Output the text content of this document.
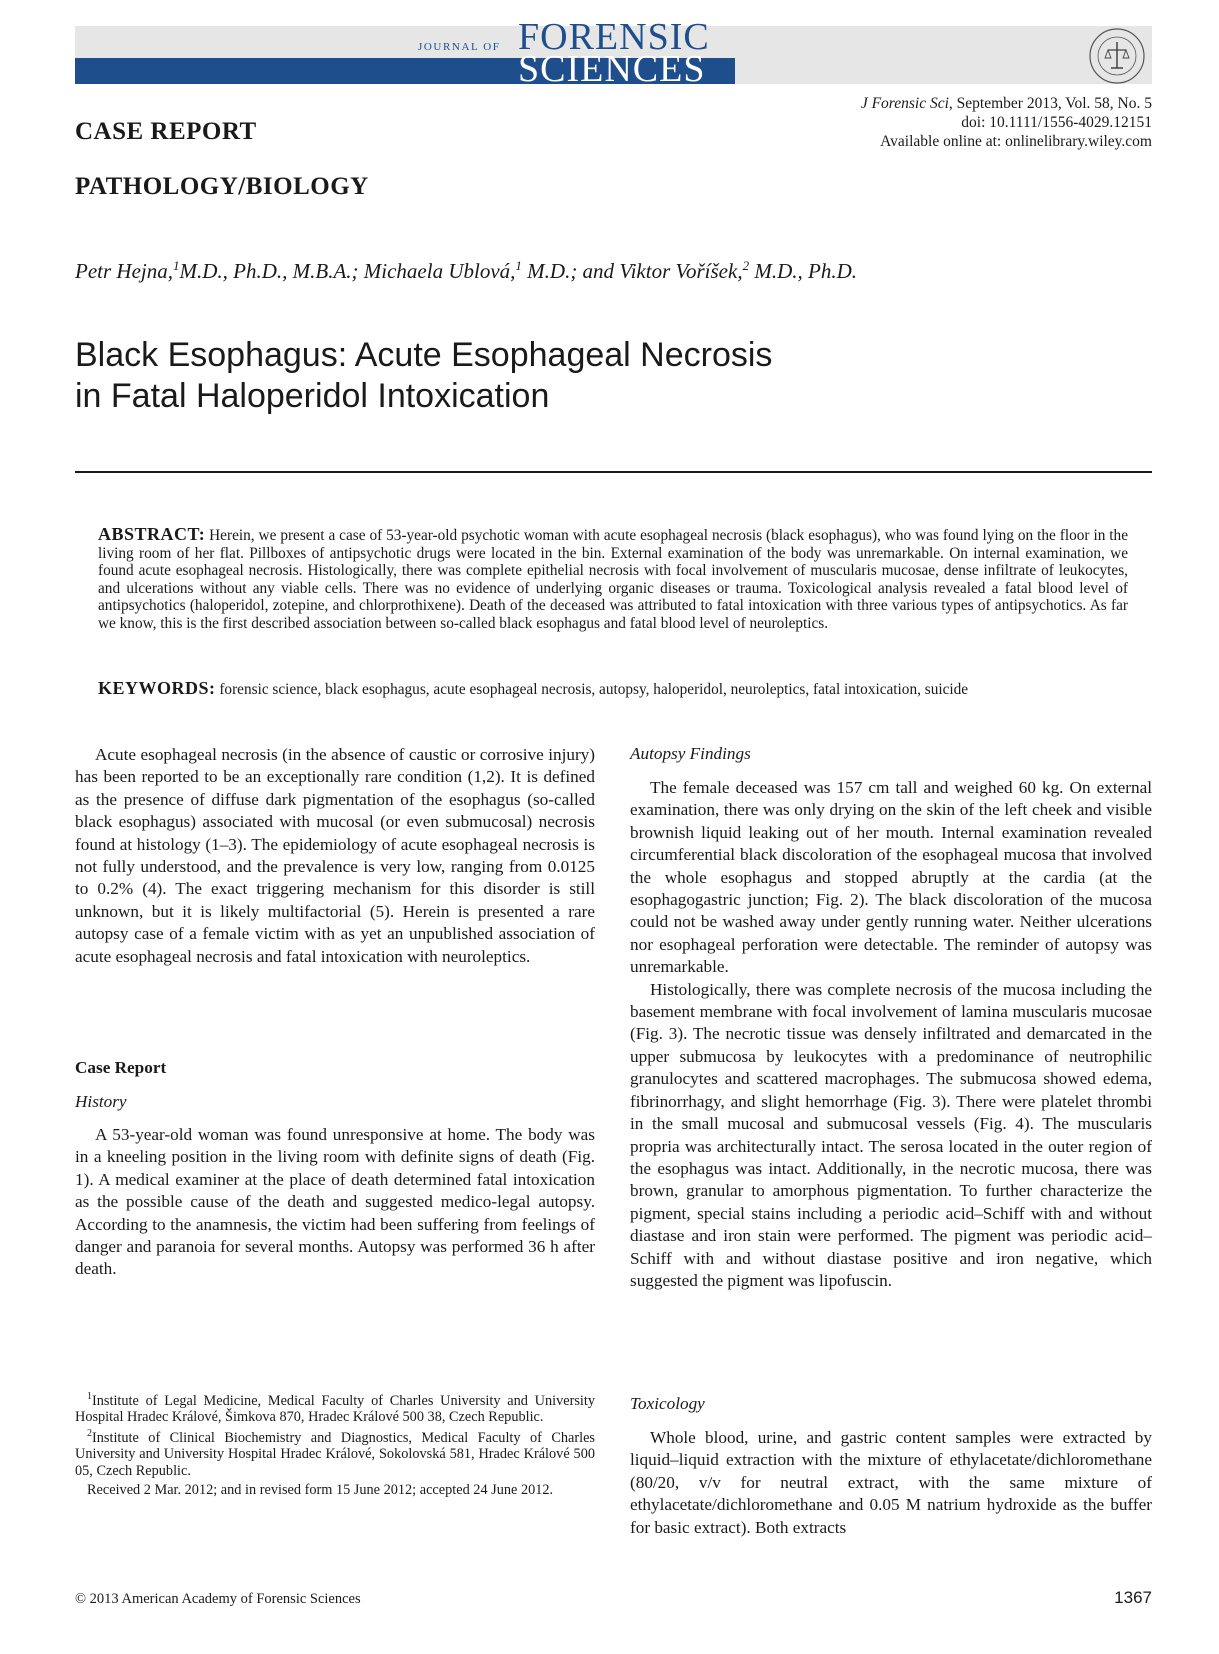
JOURNAL OF FORENSIC
SCIENCES
J Forensic Sci, September 2013, Vol. 58, No. 5
doi: 10.1111/1556-4029.12151
Available online at: onlinelibrary.wiley.com
CASE REPORT
PATHOLOGY/BIOLOGY
Petr Hejna,$^1$M.D., Ph.D., M.B.A.; Michaela Ublová,$^1$ M.D.; and Viktor Voříšek,$^2$ M.D., Ph.D.
Black Esophagus: Acute Esophageal Necrosis
in Fatal Haloperidol Intoxication
ABSTRACT: Herein, we present a case of 53-year-old psychotic woman with acute esophageal necrosis (black esophagus), who was found lying on the floor in the living room of her flat. Pillboxes of antipsychotic drugs were located in the bin. External examination of the body was unremarkable. On internal examination, we found acute esophageal necrosis. Histologically, there was complete epithelial necrosis with focal involvement of muscularis mucosae, dense infiltrate of leukocytes, and ulcerations without any viable cells. There was no evidence of underlying organic diseases or trauma. Toxicological analysis revealed a fatal blood level of antipsychotics (haloperidol, zotepine, and chlorprothixene). Death of the deceased was attributed to fatal intoxication with three various types of antipsychotics. As far we know, this is the first described association between so-called black esophagus and fatal blood level of neuroleptics.
KEYWORDS: forensic science, black esophagus, acute esophageal necrosis, autopsy, haloperidol, neuroleptics, fatal intoxication, suicide

Acute esophageal necrosis (in the absence of caustic or corrosive injury) has been reported to be an exceptionally rare condition (1,2). It is defined as the presence of diffuse dark pigmentation of the esophagus (so-called black esophagus) associated with mucosal (or even submucosal) necrosis found at histology (1–3). The epidemiology of acute esophageal necrosis is not fully understood, and the prevalence is very low, ranging from 0.0125 to 0.2% (4). The exact triggering mechanism for this disorder is still unknown, but it is likely multifactorial (5). Herein is presented a rare autopsy case of a female victim with as yet an unpublished association of acute esophageal necrosis and fatal intoxication with neuroleptics.

Case Report
History

A 53-year-old woman was found unresponsive at home. The body was in a kneeling position in the living room with definite signs of death (Fig. 1). A medical examiner at the place of death determined fatal intoxication as the possible cause of the death and suggested medico-legal autopsy. According to the anamnesis, the victim had been suffering from feelings of danger and paranoia for several months. Autopsy was performed 36 h after death.

$^1$Institute of Legal Medicine, Medical Faculty of Charles University and University Hospital Hradec Králové, Šimkova 870, Hradec Králové 500 38, Czech Republic.

$^2$Institute of Clinical Biochemistry and Diagnostics, Medical Faculty of Charles University and University Hospital Hradec Králové, Sokolovská 581, Hradec Králové 500 05, Czech Republic.

Received 2 Mar. 2012; and in revised form 15 June 2012; accepted 24 June 2012.

Autopsy Findings

The female deceased was 157 cm tall and weighed 60 kg. On external examination, there was only drying on the skin of the left cheek and visible brownish liquid leaking out of her mouth. Internal examination revealed circumferential black discoloration of the esophageal mucosa that involved the whole esophagus and stopped abruptly at the cardia (at the esophagogastric junction; Fig. 2). The black discoloration of the mucosa could not be washed away under gently running water. Neither ulcerations nor esophageal perforation were detectable. The reminder of autopsy was unremarkable.

Histologically, there was complete necrosis of the mucosa including the basement membrane with focal involvement of lamina muscularis mucosae (Fig. 3). The necrotic tissue was densely infiltrated and demarcated in the upper submucosa by leukocytes with a predominance of neutrophilic granulocytes and scattered macrophages. The submucosa showed edema, fibrinorrhagy, and slight hemorrhage (Fig. 3). There were platelet thrombi in the small mucosal and submucosal vessels (Fig. 4). The muscularis propria was architecturally intact. The serosa located in the outer region of the esophagus was intact. Additionally, in the necrotic mucosa, there was brown, granular to amorphous pigmentation. To further characterize the pigment, special stains including a periodic acid–Schiff with and without diastase and iron stain were performed. The pigment was periodic acid–Schiff with and without diastase positive and iron negative, which suggested the pigment was lipofuscin.

Toxicology

Whole blood, urine, and gastric content samples were extracted by liquid–liquid extraction with the mixture of ethylacetate/dichloromethane (80/20, v/v for neutral extract, with the same mixture of ethylacetate/dichloromethane and 0.05 M natrium hydroxide as the buffer for basic extract). Both extracts

© 2013 American Academy of Forensic Sciences	1367
